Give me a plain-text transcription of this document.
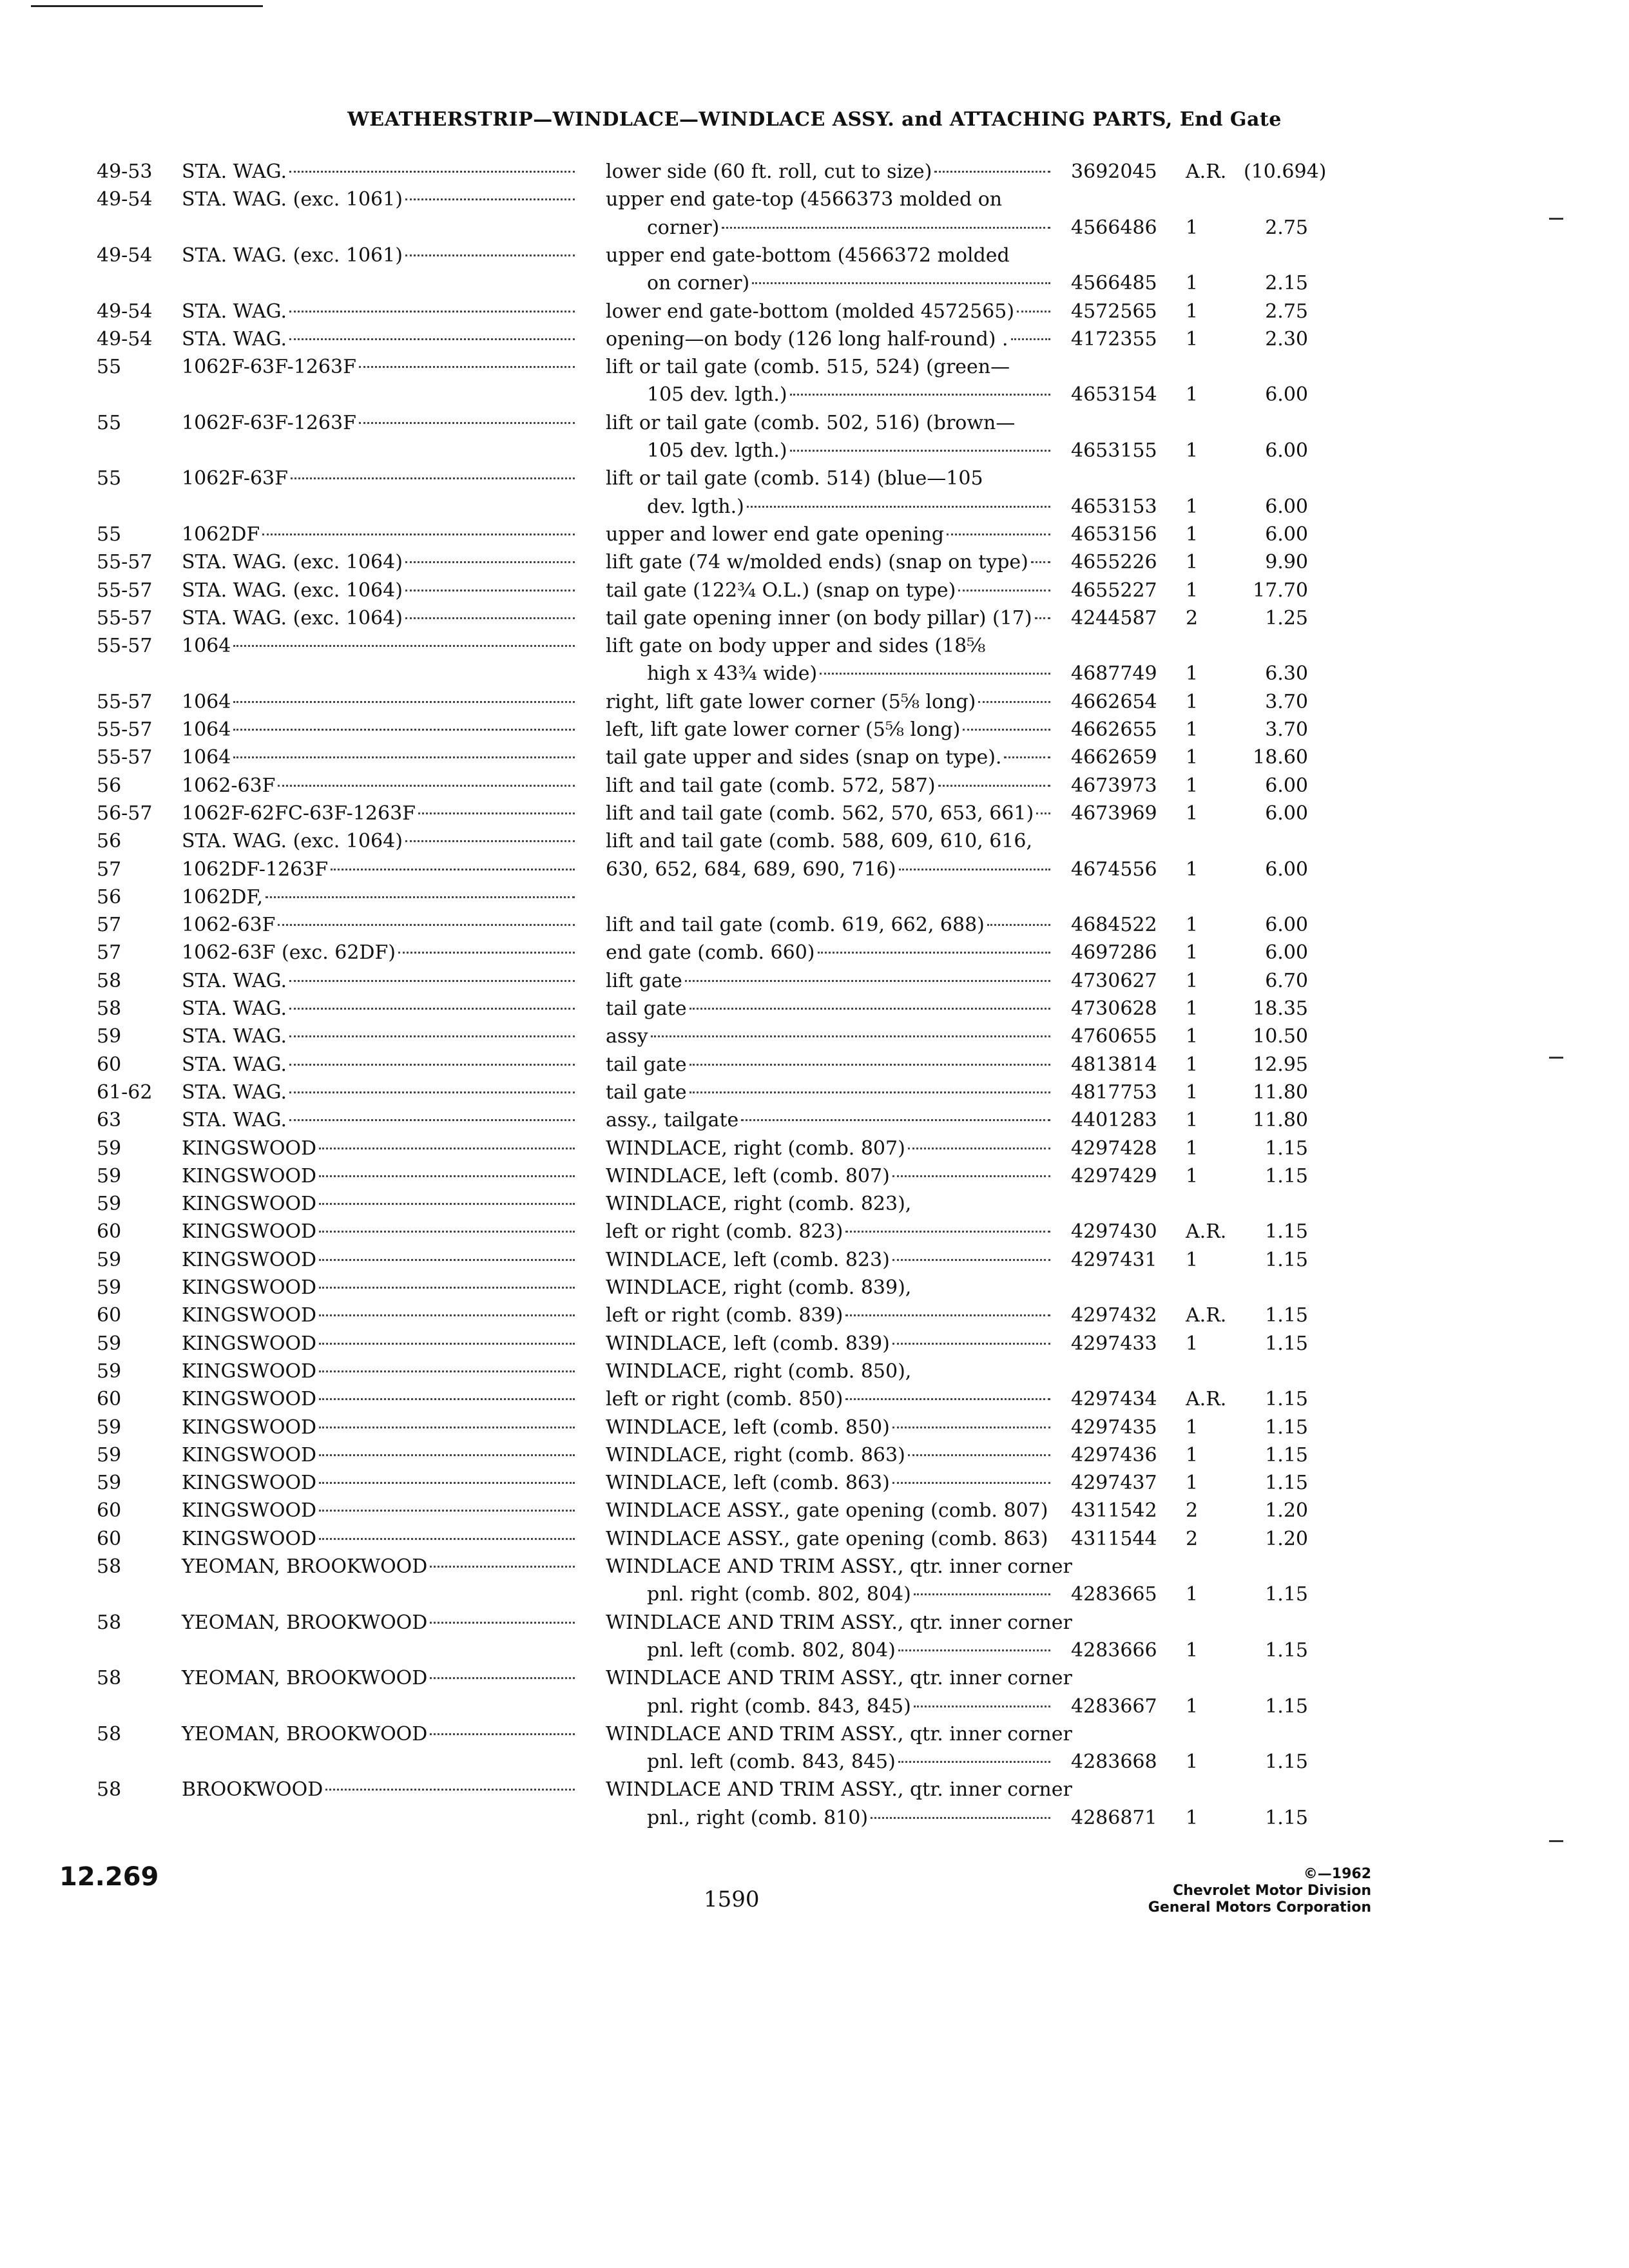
WEATHERSTRIP—WINDLACE—WINDLACE ASSY. and ATTACHING PARTS, End Gate
49-53	STA. WAG.	lower side (60 ft. roll, cut to size)	3692045	A.R. (10.694)
49-54	STA. WAG. (exc. 1061)	upper end gate-top (4566373 molded on
corner)	4566486	1	2.75
49-54	STA. WAG. (exc. 1061)	upper end gate-bottom (4566372 molded
on corner)	4566485	1	2.15
49-54	STA. WAG.	lower end gate-bottom (molded 4572565)	4572565	1	2.75
49-54	STA. WAG.	opening—on body (126 long half-round) .	4172355	1	2.30
55	1062F-63F-1263F	lift or tail gate (comb. 515, 524) (green—
105 dev. lgth.)	4653154	1	6.00
55	1062F-63F-1263F	lift or tail gate (comb. 502, 516) (brown—
105 dev. lgth.)	4653155	1	6.00
55	1062F-63F	lift or tail gate (comb. 514) (blue—105
dev. lgth.)	4653153	1	6.00
55	1062DF	upper and lower end gate opening	4653156	1	6.00
55-57	STA. WAG. (exc. 1064)	lift gate (74 w/molded ends) (snap on type) 4655226	1	9.90
55-57	STA. WAG. (exc. 1064)	tail gate (122¾ O.L.) (snap on type)	4655227	1	17.70
55-57	STA. WAG. (exc. 1064)	tail gate opening inner (on body pillar) (17) 4244587	2	1.25
55-57	1064	lift gate on body upper and sides (18⅝
high x 43¾ wide)	4687749	1	6.30
55-57	1064	right, lift gate lower corner (5⅝ long)	4662654	1	3.70
55-57	1064	left, lift gate lower corner (5⅝ long)	4662655	1	3.70
55-57	1064	tail gate upper and sides (snap on type).	4662659	1	18.60
56	1062-63F	lift and tail gate (comb. 572, 587)	4673973	1	6.00
56-57	1062F-62FC-63F-1263F	lift and tail gate (comb. 562, 570, 653, 661) 4673969	1	6.00
56	STA. WAG. (exc. 1064)	lift and tail gate (comb. 588, 609, 610, 616,
57	1062DF-1263F	630, 652, 684, 689, 690, 716)	4674556	1	6.00
56	1062DF,
57	1062-63F	lift and tail gate (comb. 619, 662, 688)	4684522	1	6.00
57	1062-63F (exc. 62DF)	end gate (comb. 660)	4697286	1	6.00
58	STA. WAG.	lift gate	4730627	1	6.70
58	STA. WAG.	tail gate	4730628	1	18.35
59	STA. WAG.	assy	4760655	1	10.50
60	STA. WAG.	tail gate	4813814	1	12.95
61-62	STA. WAG.	tail gate	4817753	1	11.80
63	STA. WAG.	assy., tailgate	4401283	1	11.80
59	KINGSWOOD	WINDLACE, right (comb. 807)	4297428	1	1.15
59	KINGSWOOD	WINDLACE, left (comb. 807)	4297429	1	1.15
59	KINGSWOOD	WINDLACE, right (comb. 823),
60	KINGSWOOD	left or right (comb. 823)	4297430	A.R.	1.15
59	KINGSWOOD	WINDLACE, left (comb. 823)	4297431	1	1.15
59	KINGSWOOD	WINDLACE, right (comb. 839),
60	KINGSWOOD	left or right (comb. 839)	4297432	A.R.	1.15
59	KINGSWOOD	WINDLACE, left (comb. 839)	4297433	1	1.15
59	KINGSWOOD	WINDLACE, right (comb. 850),
60	KINGSWOOD	left or right (comb. 850)	4297434	A.R.	1.15
59	KINGSWOOD	WINDLACE, left (comb. 850)	4297435	1	1.15
59	KINGSWOOD	WINDLACE, right (comb. 863)	4297436	1	1.15
59	KINGSWOOD	WINDLACE, left (comb. 863)	4297437	1	1.15
60	KINGSWOOD	WINDLACE ASSY., gate opening (comb. 807) 4311542	2	1.20
60	KINGSWOOD	WINDLACE ASSY., gate opening (comb. 863) 4311544	2	1.20
58	YEOMAN, BROOKWOOD	WINDLACE AND TRIM ASSY., qtr. inner corner
pnl. right (comb. 802, 804)	4283665	1	1.15
58	YEOMAN, BROOKWOOD	WINDLACE AND TRIM ASSY., qtr. inner corner
pnl. left (comb. 802, 804)	4283666	1	1.15
58	YEOMAN, BROOKWOOD	WINDLACE AND TRIM ASSY., qtr. inner corner
pnl. right (comb. 843, 845)	4283667	1	1.15
58	YEOMAN, BROOKWOOD	WINDLACE AND TRIM ASSY., qtr. inner corner
pnl. left (comb. 843, 845)	4283668	1	1.15
58	BROOKWOOD	WINDLACE AND TRIM ASSY., qtr. inner corner
pnl., right (comb. 810)	4286871	1	1.15
12.269
1590
©—1962
Chevrolet Motor Division
General Motors Corporation
